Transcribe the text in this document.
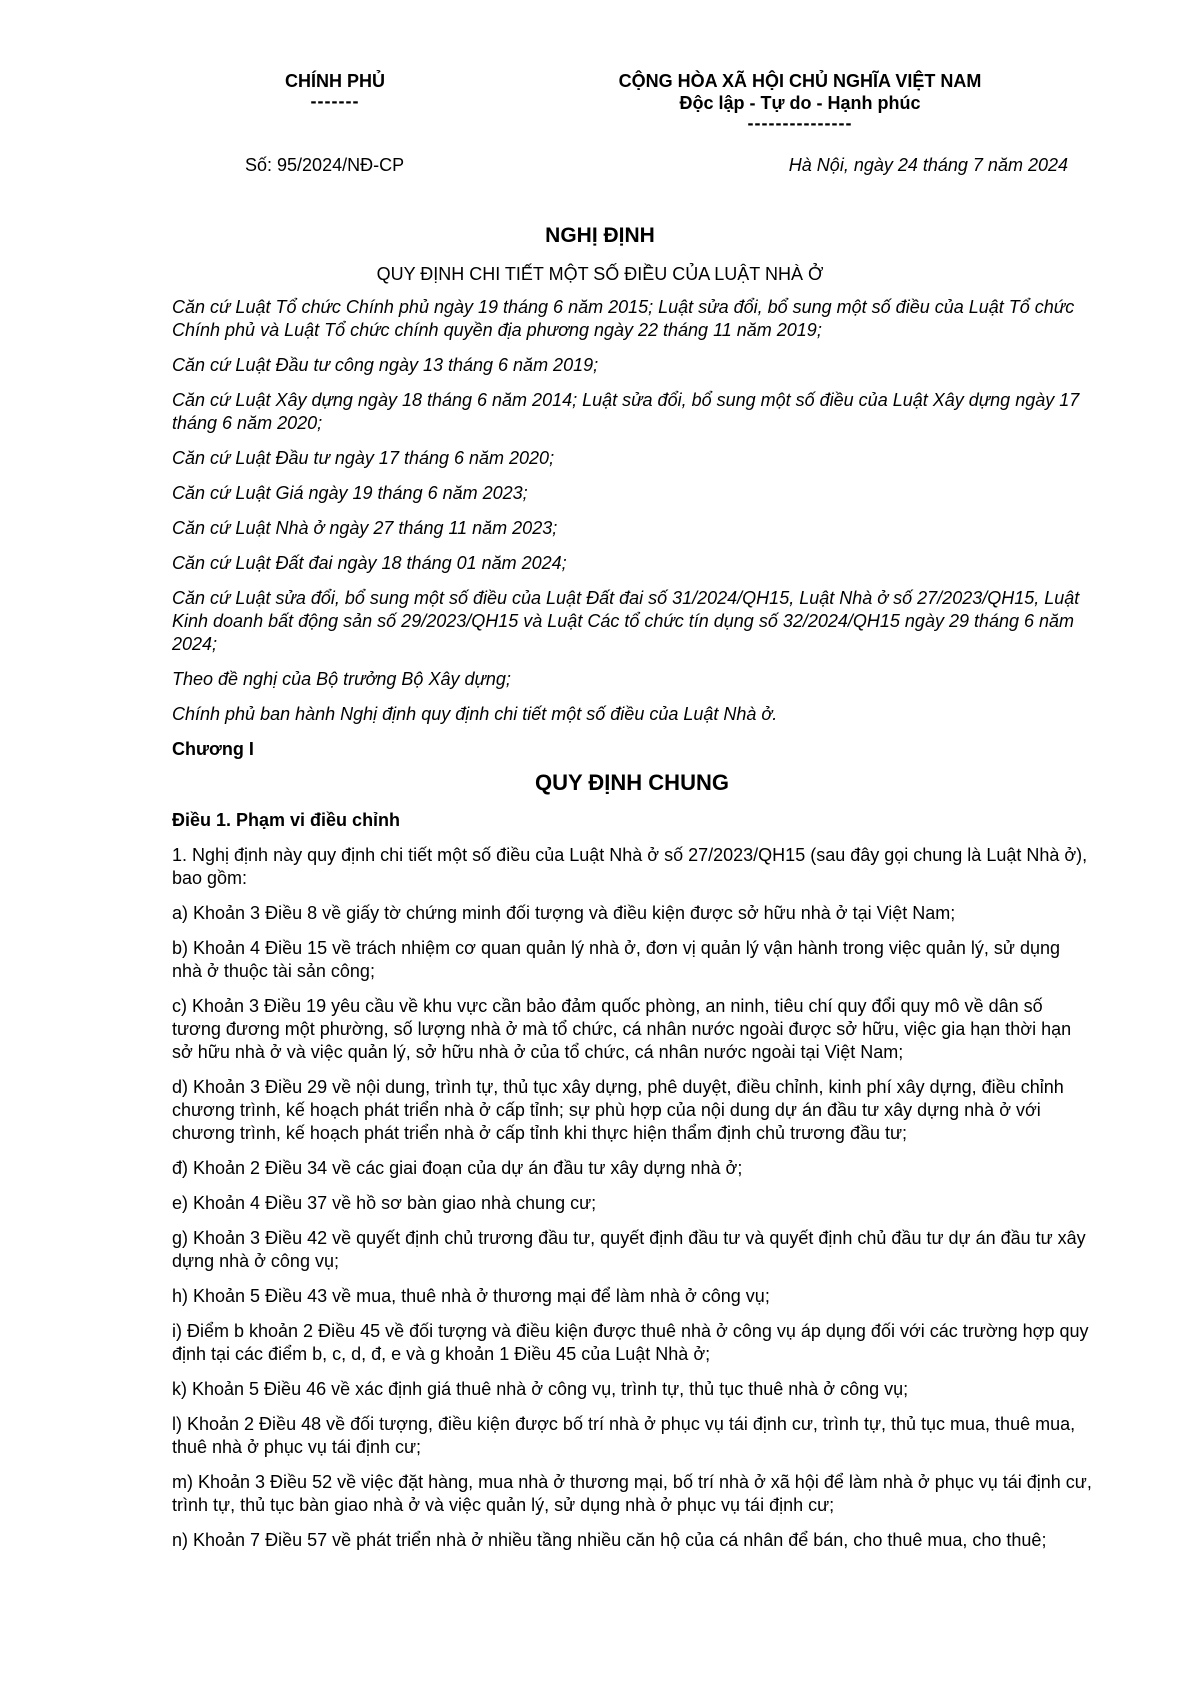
CHÍNH PHỦ
-------
CỘNG HÒA XÃ HỘI CHỦ NGHĨA VIỆT NAM
Độc lập - Tự do - Hạnh phúc
---------------
Số: 95/2024/NĐ-CP	Hà Nội, ngày 24 tháng 7 năm 2024
NGHỊ ĐỊNH
QUY ĐỊNH CHI TIẾT MỘT SỐ ĐIỀU CỦA LUẬT NHÀ Ở

Căn cứ Luật Tổ chức Chính phủ ngày 19 tháng 6 năm 2015; Luật sửa đổi, bổ sung một số điều của Luật Tổ chức Chính phủ và Luật Tổ chức chính quyền địa phương ngày 22 tháng 11 năm 2019;

Căn cứ Luật Đầu tư công ngày 13 tháng 6 năm 2019;

Căn cứ Luật Xây dựng ngày 18 tháng 6 năm 2014; Luật sửa đổi, bổ sung một số điều của Luật Xây dựng ngày 17 tháng 6 năm 2020;

Căn cứ Luật Đầu tư ngày 17 tháng 6 năm 2020;

Căn cứ Luật Giá ngày 19 tháng 6 năm 2023;

Căn cứ Luật Nhà ở ngày 27 tháng 11 năm 2023;

Căn cứ Luật Đất đai ngày 18 tháng 01 năm 2024;

Căn cứ Luật sửa đổi, bổ sung một số điều của Luật Đất đai số 31/2024/QH15, Luật Nhà ở số 27/2023/QH15, Luật Kinh doanh bất động sản số 29/2023/QH15 và Luật Các tổ chức tín dụng số 32/2024/QH15 ngày 29 tháng 6 năm 2024;

Theo đề nghị của Bộ trưởng Bộ Xây dựng;

Chính phủ ban hành Nghị định quy định chi tiết một số điều của Luật Nhà ở.

Chương I
QUY ĐỊNH CHUNG
Điều 1. Phạm vi điều chỉnh

1. Nghị định này quy định chi tiết một số điều của Luật Nhà ở số 27/2023/QH15 (sau đây gọi chung là Luật Nhà ở), bao gồm:

a) Khoản 3 Điều 8 về giấy tờ chứng minh đối tượng và điều kiện được sở hữu nhà ở tại Việt Nam;

b) Khoản 4 Điều 15 về trách nhiệm cơ quan quản lý nhà ở, đơn vị quản lý vận hành trong việc quản lý, sử dụng nhà ở thuộc tài sản công;

c) Khoản 3 Điều 19 yêu cầu về khu vực cần bảo đảm quốc phòng, an ninh, tiêu chí quy đổi quy mô về dân số tương đương một phường, số lượng nhà ở mà tổ chức, cá nhân nước ngoài được sở hữu, việc gia hạn thời hạn sở hữu nhà ở và việc quản lý, sở hữu nhà ở của tổ chức, cá nhân nước ngoài tại Việt Nam;

d) Khoản 3 Điều 29 về nội dung, trình tự, thủ tục xây dựng, phê duyệt, điều chỉnh, kinh phí xây dựng, điều chỉnh chương trình, kế hoạch phát triển nhà ở cấp tỉnh; sự phù hợp của nội dung dự án đầu tư xây dựng nhà ở với chương trình, kế hoạch phát triển nhà ở cấp tỉnh khi thực hiện thẩm định chủ trương đầu tư;

đ) Khoản 2 Điều 34 về các giai đoạn của dự án đầu tư xây dựng nhà ở;

e) Khoản 4 Điều 37 về hồ sơ bàn giao nhà chung cư;

g) Khoản 3 Điều 42 về quyết định chủ trương đầu tư, quyết định đầu tư và quyết định chủ đầu tư dự án đầu tư xây dựng nhà ở công vụ;

h) Khoản 5 Điều 43 về mua, thuê nhà ở thương mại để làm nhà ở công vụ;

i) Điểm b khoản 2 Điều 45 về đối tượng và điều kiện được thuê nhà ở công vụ áp dụng đối với các trường hợp quy định tại các điểm b, c, d, đ, e và g khoản 1 Điều 45 của Luật Nhà ở;

k) Khoản 5 Điều 46 về xác định giá thuê nhà ở công vụ, trình tự, thủ tục thuê nhà ở công vụ;

l) Khoản 2 Điều 48 về đối tượng, điều kiện được bố trí nhà ở phục vụ tái định cư, trình tự, thủ tục mua, thuê mua, thuê nhà ở phục vụ tái định cư;

m) Khoản 3 Điều 52 về việc đặt hàng, mua nhà ở thương mại, bố trí nhà ở xã hội để làm nhà ở phục vụ tái định cư, trình tự, thủ tục bàn giao nhà ở và việc quản lý, sử dụng nhà ở phục vụ tái định cư;

n) Khoản 7 Điều 57 về phát triển nhà ở nhiều tầng nhiều căn hộ của cá nhân để bán, cho thuê mua, cho thuê;
